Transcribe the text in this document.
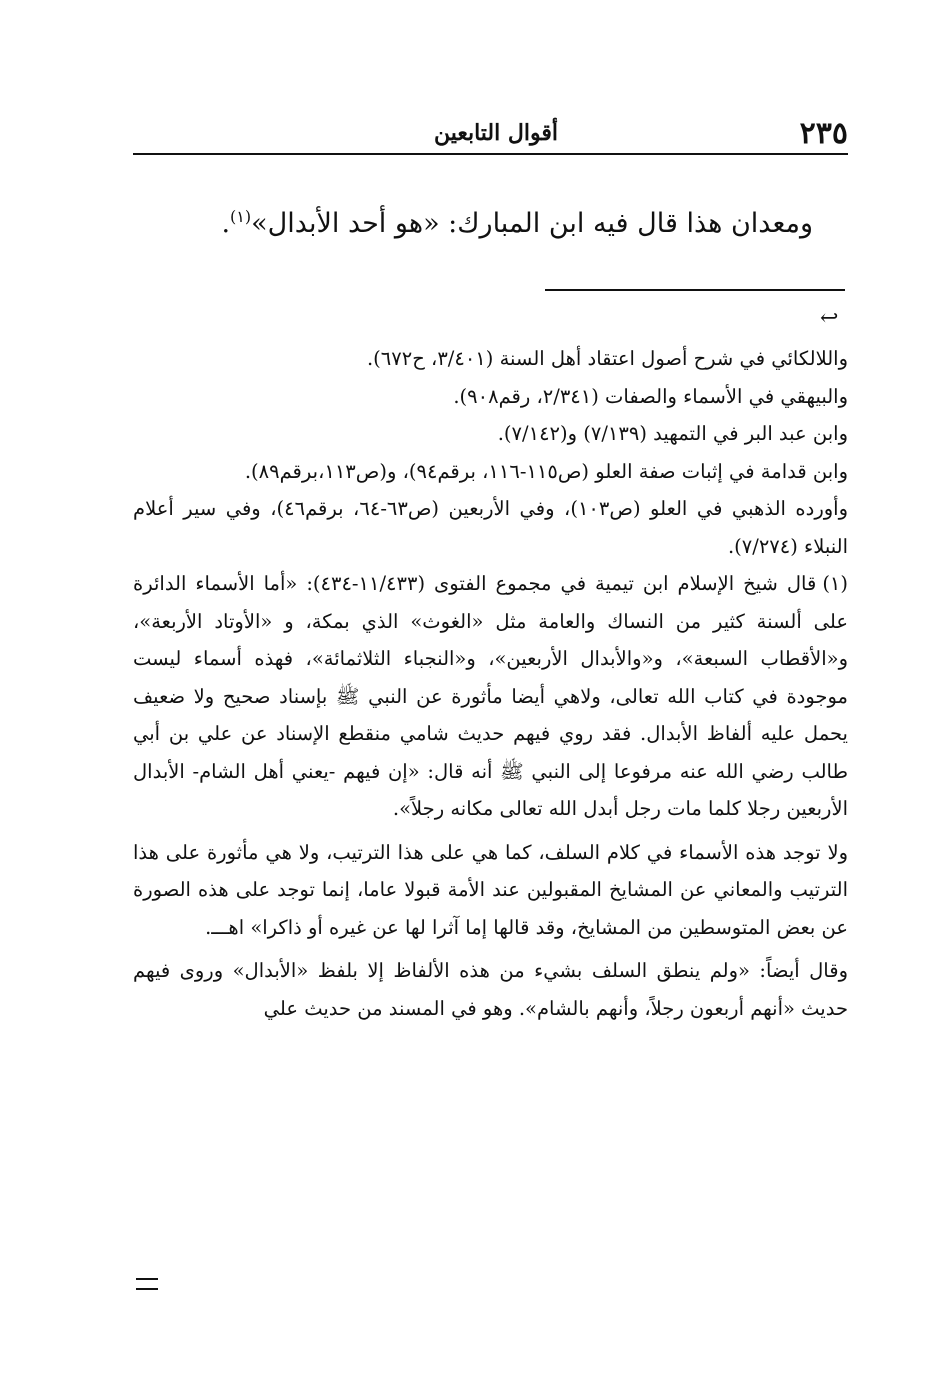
٢٣٥
أقوال التابعين
ومعدان هذا قال فيه ابن المبارك: «هو أحد الأبدال»$^{(١)}$.
↩

واللالكائي في شرح أصول اعتقاد أهل السنة (٣/٤٠١، ح٦٧٢).

والبيهقي في الأسماء والصفات (٢/٣٤١، رقم٩٠٨).

وابن عبد البر في التمهيد (٧/١٣٩) و(٧/١٤٢).

وابن قدامة في إثبات صفة العلو (ص١١٥-١١٦، برقم٩٤)، و(ص١١٣،برقم٨٩).

وأورده الذهبي في العلو (ص١٠٣)، وفي الأربعين (ص٦٣-٦٤، برقم٤٦)، وفي سير أعلام النبلاء (٧/٢٧٤).

(١)قال شيخ الإسلام ابن تيمية في مجموع الفتوى (١١/٤٣٣-٤٣٤): «أما الأسماء الدائرة على ألسنة كثير من النساك والعامة مثل «الغوث» الذي بمكة، و «الأوتاد الأربعة»، و«الأقطاب السبعة»، و«والأبدال الأربعين»، و«النجباء الثلاثمائة»، فهذه أسماء ليست موجودة في كتاب الله تعالى، ولاهي أيضا مأثورة عن النبي ﷺ بإسناد صحيح ولا ضعيف يحمل عليه ألفاظ الأبدال. فقد روي فيهم حديث شامي منقطع الإسناد عن علي بن أبي طالب رضي الله عنه مرفوعا إلى النبي ﷺ أنه قال: «إن فيهم -يعني أهل الشام- الأبدال الأربعين رجلا كلما مات رجل أبدل الله تعالى مكانه رجلاً».

ولا توجد هذه الأسماء في كلام السلف، كما هي على هذا الترتيب، ولا هي مأثورة على هذا الترتيب والمعاني عن المشايخ المقبولين عند الأمة قبولا عاما، إنما توجد على هذه الصورة عن بعض المتوسطين من المشايخ، وقد قالها إما آثرا لها عن غيره أو ذاكرا» اهـــ.

وقال أيضاً: «ولم ينطق السلف بشيء من هذه الألفاظ إلا بلفظ «الأبدال» وروى فيهم حديث «أنهم أربعون رجلاً، وأنهم بالشام». وهو في المسند من حديث علي
